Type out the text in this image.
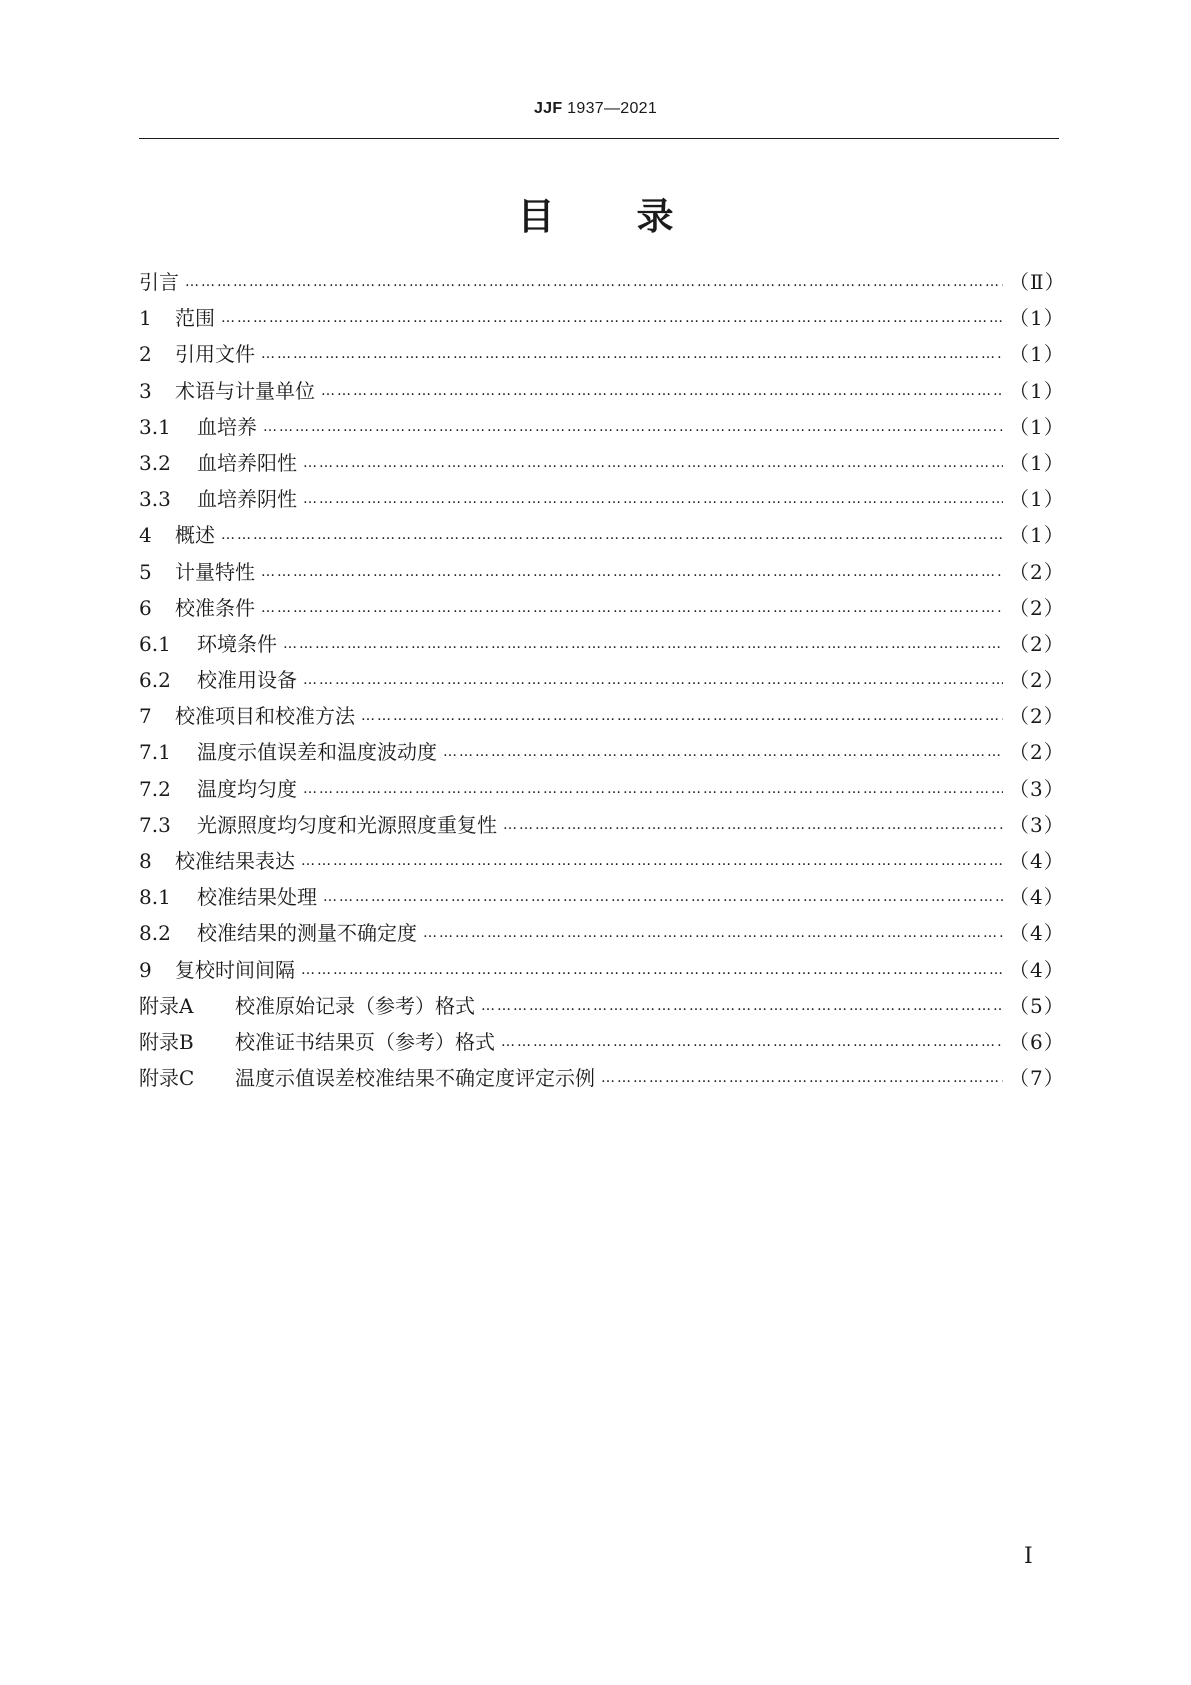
JJF 1937—2021
目 录
引言 …………………………………………………………………………………………………………………………………………………………………………………………	（Ⅱ）
1	范围 …………………………………………………………………………………………………………………………………………………………………………………………	（1）
2	引用文件 …………………………………………………………………………………………………………………………………………………………………………………………	（1）
3	术语与计量单位 …………………………………………………………………………………………………………………………………………………………………………………………	（1）
3.1	血培养 …………………………………………………………………………………………………………………………………………………………………………………………	（1）
3.2	血培养阳性 …………………………………………………………………………………………………………………………………………………………………………………………	（1）
3.3	血培养阴性 …………………………………………………………………………………………………………………………………………………………………………………………	（1）
4	概述 …………………………………………………………………………………………………………………………………………………………………………………………	（1）
5	计量特性 …………………………………………………………………………………………………………………………………………………………………………………………	（2）
6	校准条件 …………………………………………………………………………………………………………………………………………………………………………………………	（2）
6.1	环境条件 …………………………………………………………………………………………………………………………………………………………………………………………	（2）
6.2	校准用设备 …………………………………………………………………………………………………………………………………………………………………………………………	（2）
7	校准项目和校准方法 …………………………………………………………………………………………………………………………………………………………………………………………	（2）
7.1	温度示值误差和温度波动度 …………………………………………………………………………………………………………………………………………………………………………………………	（2）
7.2	温度均匀度 …………………………………………………………………………………………………………………………………………………………………………………………	（3）
7.3	光源照度均匀度和光源照度重复性 …………………………………………………………………………………………………………………………………………………………………………………………	（3）
8	校准结果表达 …………………………………………………………………………………………………………………………………………………………………………………………	（4）
8.1	校准结果处理 …………………………………………………………………………………………………………………………………………………………………………………………	（4）
8.2	校准结果的测量不确定度 …………………………………………………………………………………………………………………………………………………………………………………………	（4）
9	复校时间间隔 …………………………………………………………………………………………………………………………………………………………………………………………	（4）
附录A	校准原始记录（参考）格式 …………………………………………………………………………………………………………………………………………………………………………………………	（5）
附录B	校准证书结果页（参考）格式 …………………………………………………………………………………………………………………………………………………………………………………………	（6）
附录C	温度示值误差校准结果不确定度评定示例 …………………………………………………………………………………………………………………………………………………………………………………………	（7）
Ⅰ
